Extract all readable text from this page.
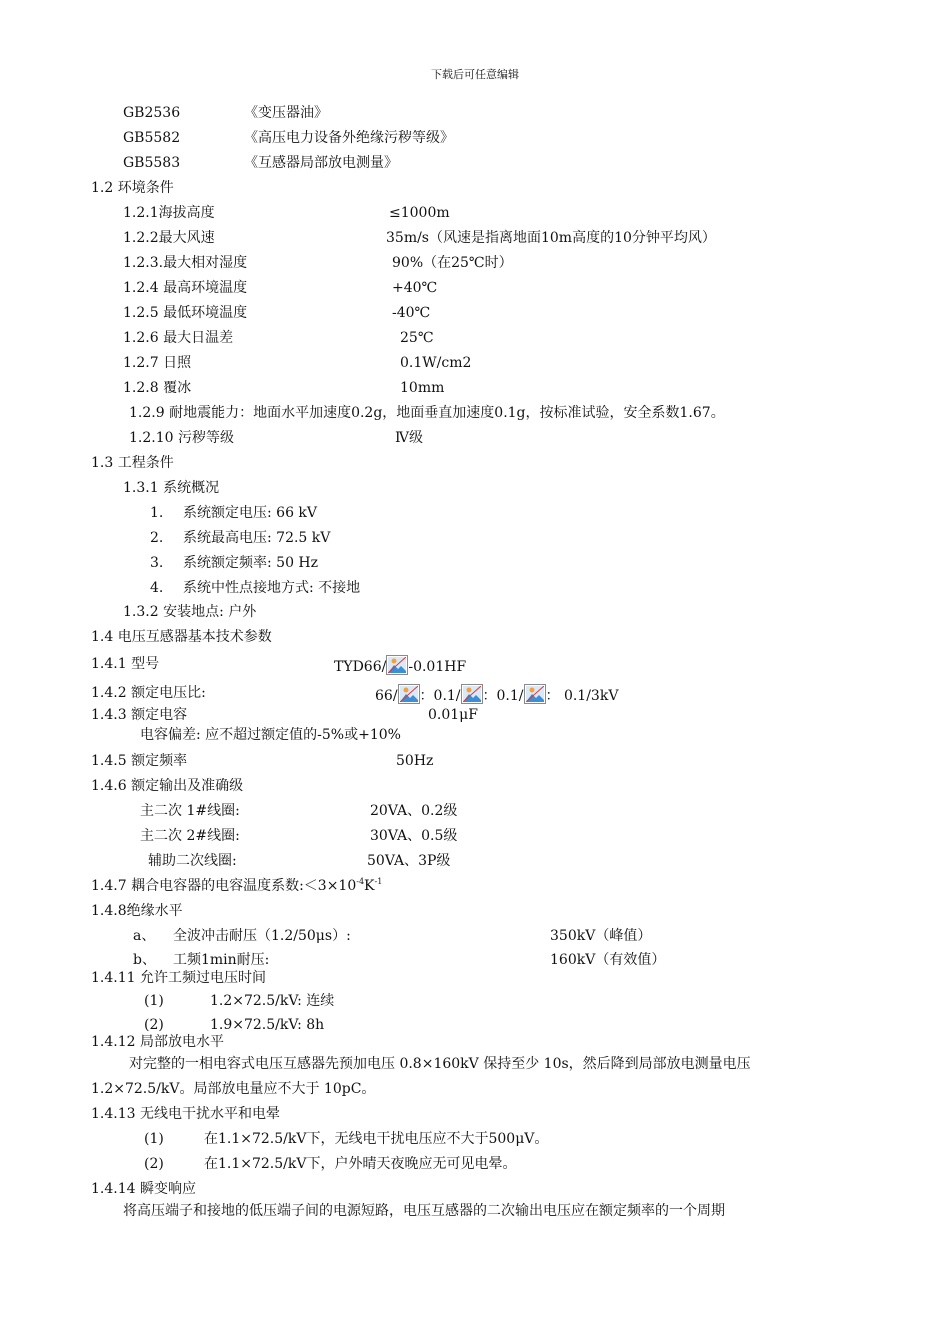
下载后可任意编辑
GB2536	《变压器油》
GB5582	《高压电力设备外绝缘污秽等级》
GB5583	《互感器局部放电测量》
1.2 环境条件
1.2.1海拔高度	≤1000m
1.2.2最大风速	35m/s（风速是指离地面10m高度的10分钟平均风）
1.2.3.最大相对湿度	90%（在25℃时）
1.2.4 最高环境温度	+40℃
1.2.5 最低环境温度	-40℃
1.2.6 最大日温差	25℃
1.2.7 日照	0.1W/cm2
1.2.8 覆冰	10mm
1.2.9 耐地震能力：地面水平加速度0.2g，地面垂直加速度0.1g，按标准试验，安全系数1.67。
1.2.10 污秽等级	Ⅳ级
1.3 工程条件
1.3.1 系统概况
1. 系统额定电压: 66 kV
2. 系统最高电压: 72.5 kV
3. 系统额定频率: 50 Hz
4. 系统中性点接地方式: 不接地
1.3.2 安装地点: 户外
1.4 电压互感器基本技术参数
1.4.1 型号	TYD66/ -0.01HF
1.4.2 额定电压比:	66/ ：0.1/ ：0.1/ ： 0.1/3kV
1.4.3 额定电容	0.01μF
电容偏差: 应不超过额定值的-5%或+10%
1.4.5 额定频率	50Hz
1.4.6 额定输出及准确级
主二次 1#线圈:	20VA、0.2级
主二次 2#线圈:	30VA、0.5级
辅助二次线圈:	50VA、3P级
1.4.7 耦合电容器的电容温度系数$:<3\times 10^{-4}K^{-1}$
1.4.8绝缘水平
a、 全波冲击耐压（1.2/50μs）:	350kV（峰值）
b、 工频1min耐压:	160kV（有效值）
1.4.11 允许工频过电压时间
(1)	1.2×72.5/kV: 连续
(2)	1.9×72.5/kV: 8h
1.4.12 局部放电水平
对完整的一相电容式电压互感器先预加电压 0.8×160kV 保持至少 10s，然后降到局部放电测量电压
1.2×72.5/kV。局部放电量应不大于 10pC。
1.4.13 无线电干扰水平和电晕
(1)	在1.1×72.5/kV下，无线电干扰电压应不大于500μV。
(2)	在1.1×72.5/kV下，户外晴天夜晚应无可见电晕。
1.4.14 瞬变响应
将高压端子和接地的低压端子间的电源短路，电压互感器的二次输出电压应在额定频率的一个周期
